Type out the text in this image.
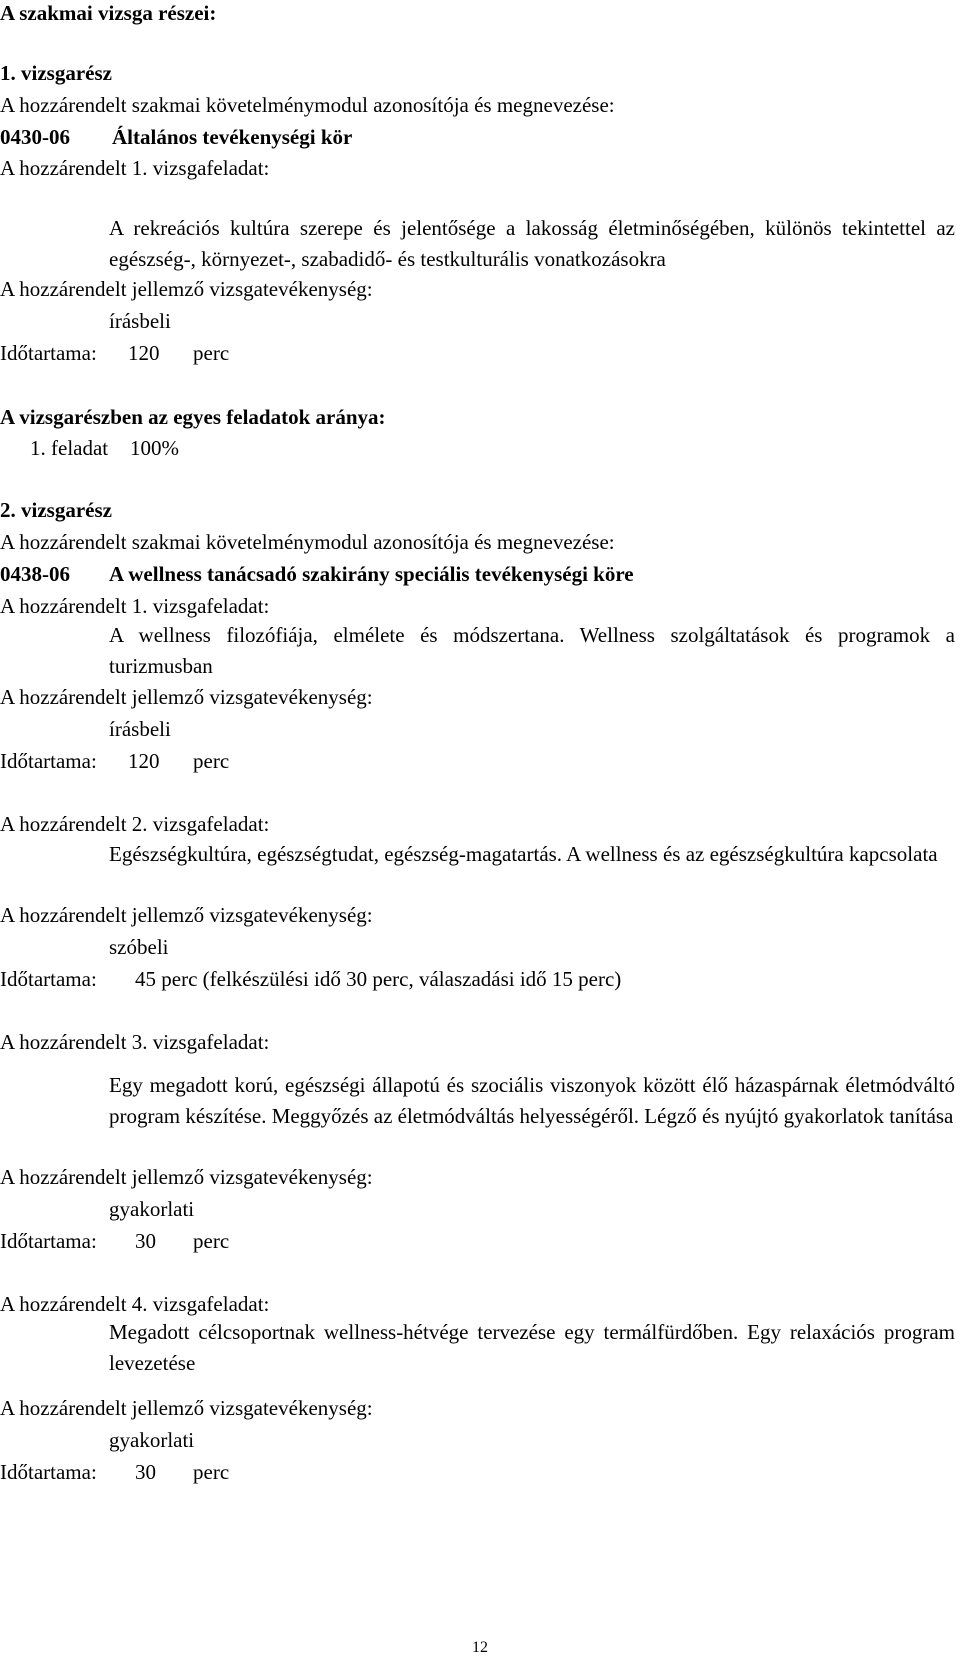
A szakmai vizsga részei:
1. vizsgarész
A hozzárendelt szakmai követelménymodul azonosítója és megnevezése:
0430-06 Általános tevékenységi kör
A hozzárendelt 1. vizsgafeladat:
A rekreációs kultúra szerepe és jelentősége a lakosság életminőségében, különös tekintettel az egészség-, környezet-, szabadidő- és testkulturális vonatkozásokra
A hozzárendelt jellemző vizsgatevékenység:
írásbeli
Időtartama: 120 perc
A vizsgarészben az egyes feladatok aránya:
1. feladat 100%
2. vizsgarész
A hozzárendelt szakmai követelménymodul azonosítója és megnevezése:
0438-06 A wellness tanácsadó szakirány speciális tevékenységi köre
A hozzárendelt 1. vizsgafeladat:
A wellness filozófiája, elmélete és módszertana. Wellness szolgáltatások és programok a turizmusban
A hozzárendelt jellemző vizsgatevékenység:
írásbeli
Időtartama: 120 perc
A hozzárendelt 2. vizsgafeladat:
Egészségkultúra, egészségtudat, egészség-magatartás. A wellness és az egészségkultúra kapcsolata
A hozzárendelt jellemző vizsgatevékenység:
szóbeli
Időtartama: 45 perc (felkészülési idő 30 perc, válaszadási idő 15 perc)
A hozzárendelt 3. vizsgafeladat:
Egy megadott korú, egészségi állapotú és szociális viszonyok között élő házaspárnak életmódváltó program készítése. Meggyőzés az életmódváltás helyességéről. Légző és nyújtó gyakorlatok tanítása
A hozzárendelt jellemző vizsgatevékenység:
gyakorlati
Időtartama: 30 perc
A hozzárendelt 4. vizsgafeladat:
Megadott célcsoportnak wellness-hétvége tervezése egy termálfürdőben. Egy relaxációs program levezetése
A hozzárendelt jellemző vizsgatevékenység:
gyakorlati
Időtartama: 30 perc
12
